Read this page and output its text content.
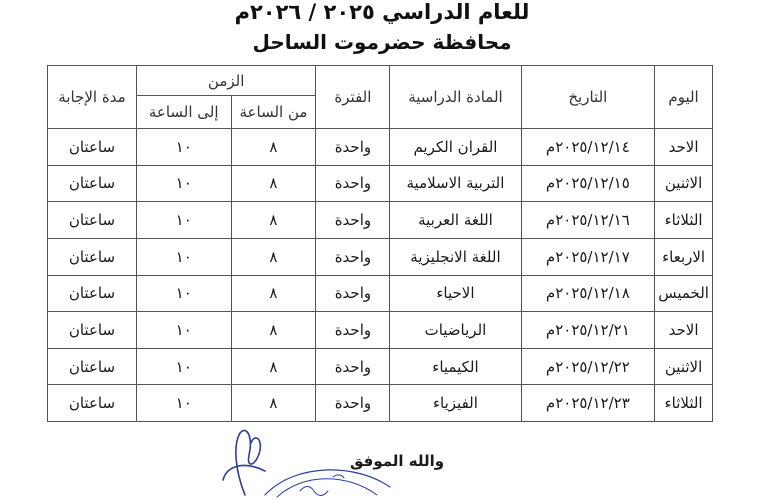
للعام الدراسي ٢٠٢٥ / ٢٠٢٦م
محافظة حضرموت الساحل
اليوم	التاريخ	المادة الدراسية	الفترة	الزمن		مدة الإجابة
				من الساعة	إلى الساعة	
الاحد	٢٠٢٥/١٢/١٤م	القران الكريم	واحدة	٨	١٠	ساعتان
الاثنين	٢٠٢٥/١٢/١٥م	التربية الاسلامية	واحدة	٨	١٠	ساعتان
الثلاثاء	٢٠٢٥/١٢/١٦م	اللغة العربية	واحدة	٨	١٠	ساعتان
الاربعاء	٢٠٢٥/١٢/١٧م	اللغة الانجليزية	واحدة	٨	١٠	ساعتان
الخميس	٢٠٢٥/١٢/١٨م	الاحياء	واحدة	٨	١٠	ساعتان
الاحد	٢٠٢٥/١٢/٢١م	الرياضيات	واحدة	٨	١٠	ساعتان
الاثنين	٢٠٢٥/١٢/٢٢م	الكيمياء	واحدة	٨	١٠	ساعتان
الثلاثاء	٢٠٢٥/١٢/٢٣م	الفيزياء	واحدة	٨	١٠	ساعتان
والله الموفق
